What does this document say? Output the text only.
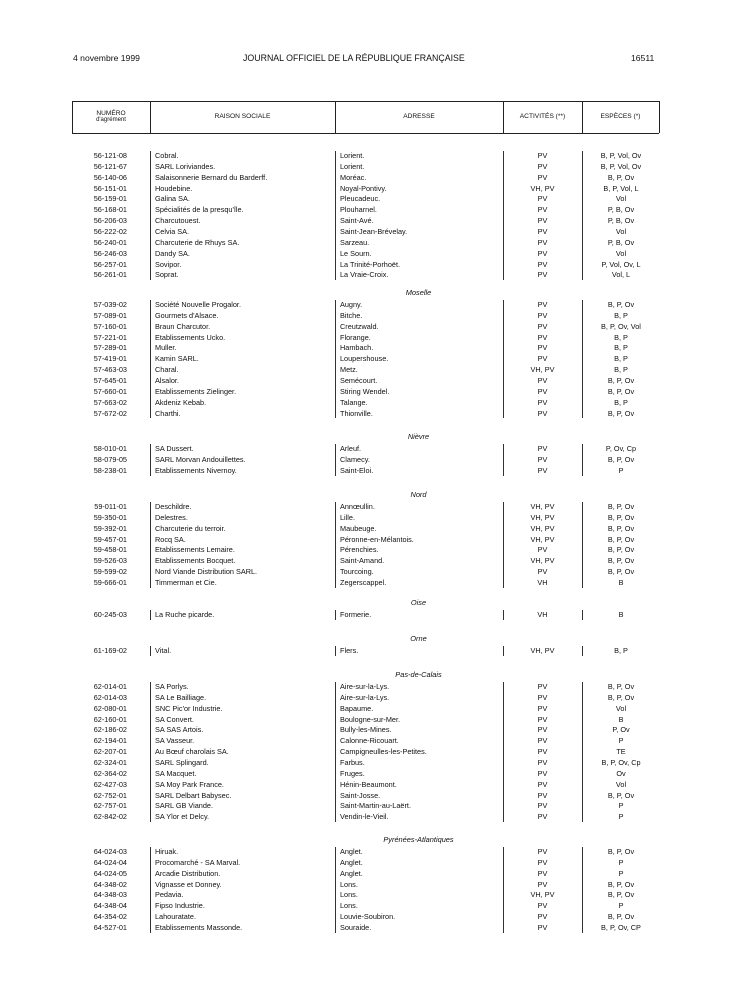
4 novembre 1999	JOURNAL OFFICIEL DE LA RÉPUBLIQUE FRANÇAISE	16511
NUMÉRO

d'agrément	RAISON SOCIALE	ADRESSE	ACTIVITÉS (**)	ESPÈCES (*)
56-121-08	Cobral.	Lorient.	PV	B, P, Vol, Ov
56-121-67	SARL Loriviandes.	Lorient.	PV	B, P, Vol, Ov
56-140-06	Salaisonnerie Bernard du Barderff.	Moréac.	PV	B, P, Ov
56-151-01	Houdebine.	Noyal-Pontivy.	VH, PV	B, P, Vol, L
56-159-01	Galina SA.	Pleucadeuc.	PV	Vol
56-168-01	Spécialités de la presqu'île.	Plouharnel.	PV	P, B, Ov
56-206-03	Charcutouest.	Saint-Avé.	PV	P, B, Ov
56-222-02	Celvia SA.	Saint-Jean-Brévelay.	PV	Vol
56-240-01	Charcuterie de Rhuys SA.	Sarzeau.	PV	P, B, Ov
56-246-03	Dandy SA.	Le Sourn.	PV	Vol
56-257-01	Sovipor.	La Trinité-Porhoët.	PV	P, Vol, Ov, L
56-261-01	Soprat.	La Vraie-Croix.	PV	Vol, L
Moselle
57-039-02	Société Nouvelle Progalor.	Augny.	PV	B, P, Ov
57-089-01	Gourmets d'Alsace.	Bitche.	PV	B, P
57-160-01	Braun Charcutor.	Creutzwald.	PV	B, P, Ov, Vol
57-221-01	Etablissements Ucko.	Florange.	PV	B, P
57-289-01	Muller.	Hambach.	PV	B, P
57-419-01	Kamin SARL.	Loupershouse.	PV	B, P
57-463-03	Charal.	Metz.	VH, PV	B, P
57-645-01	Alsalor.	Semécourt.	PV	B, P, Ov
57-660-01	Etablissements Zielinger.	Stiring Wendel.	PV	B, P, Ov
57-663-02	Akdeniz Kebab.	Talange.	PV	B, P
57-672-02	Charthi.	Thionville.	PV	B, P, Ov
Nièvre
58-010-01	SA Dussert.	Arleuf.	PV	P, Ov, Cp
58-079-05	SARL Morvan Andouillettes.	Clamecy.	PV	B, P, Ov
58-238-01	Etablissements Nivernoy.	Saint-Eloi.	PV	P
Nord
59-011-01	Deschildre.	Annœullin.	VH, PV	B, P, Ov
59-350-01	Delestres.	Lille.	VH, PV	B, P, Ov
59-392-01	Charcuterie du terroir.	Maubeuge.	VH, PV	B, P, Ov
59-457-01	Rocq SA.	Péronne-en-Mélantois.	VH, PV	B, P, Ov
59-458-01	Etablissements Lemaire.	Pérenchies.	PV	B, P, Ov
59-526-03	Etablissements Bocquet.	Saint-Amand.	VH, PV	B, P, Ov
59-599-02	Nord Viande Distribution SARL.	Tourcoing.	PV	B, P, Ov
59-666-01	Timmerman et Cie.	Zegerscappel.	VH	B
Oise
60-245-03	La Ruche picarde.	Formerie.	VH	B
Orne
61-169-02	Vital.	Flers.	VH, PV	B, P
Pas-de-Calais
62-014-01	SA Porlys.	Aire-sur-la-Lys.	PV	B, P, Ov
62-014-03	SA Le Bailliage.	Aire-sur-la-Lys.	PV	B, P, Ov
62-080-01	SNC Pic'or Industrie.	Bapaume.	PV	Vol
62-160-01	SA Convert.	Boulogne-sur-Mer.	PV	B
62-186-02	SA SAS Artois.	Bully-les-Mines.	PV	P, Ov
62-194-01	SA Vasseur.	Calonne-Ricouart.	PV	P
62-207-01	Au Bœuf charolais SA.	Campigneulles-les-Petites.	PV	TE
62-324-01	SARL Splingard.	Farbus.	PV	B, P, Ov, Cp
62-364-02	SA Macquet.	Fruges.	PV	Ov
62-427-03	SA Moy Park France.	Hénin-Beaumont.	PV	Vol
62-752-01	SARL Delbart Babysec.	Saint-Josse.	PV	B, P, Ov
62-757-01	SARL GB Viande.	Saint-Martin-au-Laërt.	PV	P
62-842-02	SA Ylor et Delcy.	Vendin-le-Vieil.	PV	P
Pyrénées-Atlantiques
64-024-03	Hiruak.	Anglet.	PV	B, P, Ov
64-024-04	Procomarché - SA Marval.	Anglet.	PV	P
64-024-05	Arcadie Distribution.	Anglet.	PV	P
64-348-02	Vignasse et Donney.	Lons.	PV	B, P, Ov
64-348-03	Pedavia.	Lons.	VH, PV	B, P, Ov
64-348-04	Fipso Industrie.	Lons.	PV	P
64-354-02	Lahouratate.	Louvie-Soubiron.	PV	B, P, Ov
64-527-01	Etablissements Massonde.	Souraide.	PV	B, P, Ov, CP
